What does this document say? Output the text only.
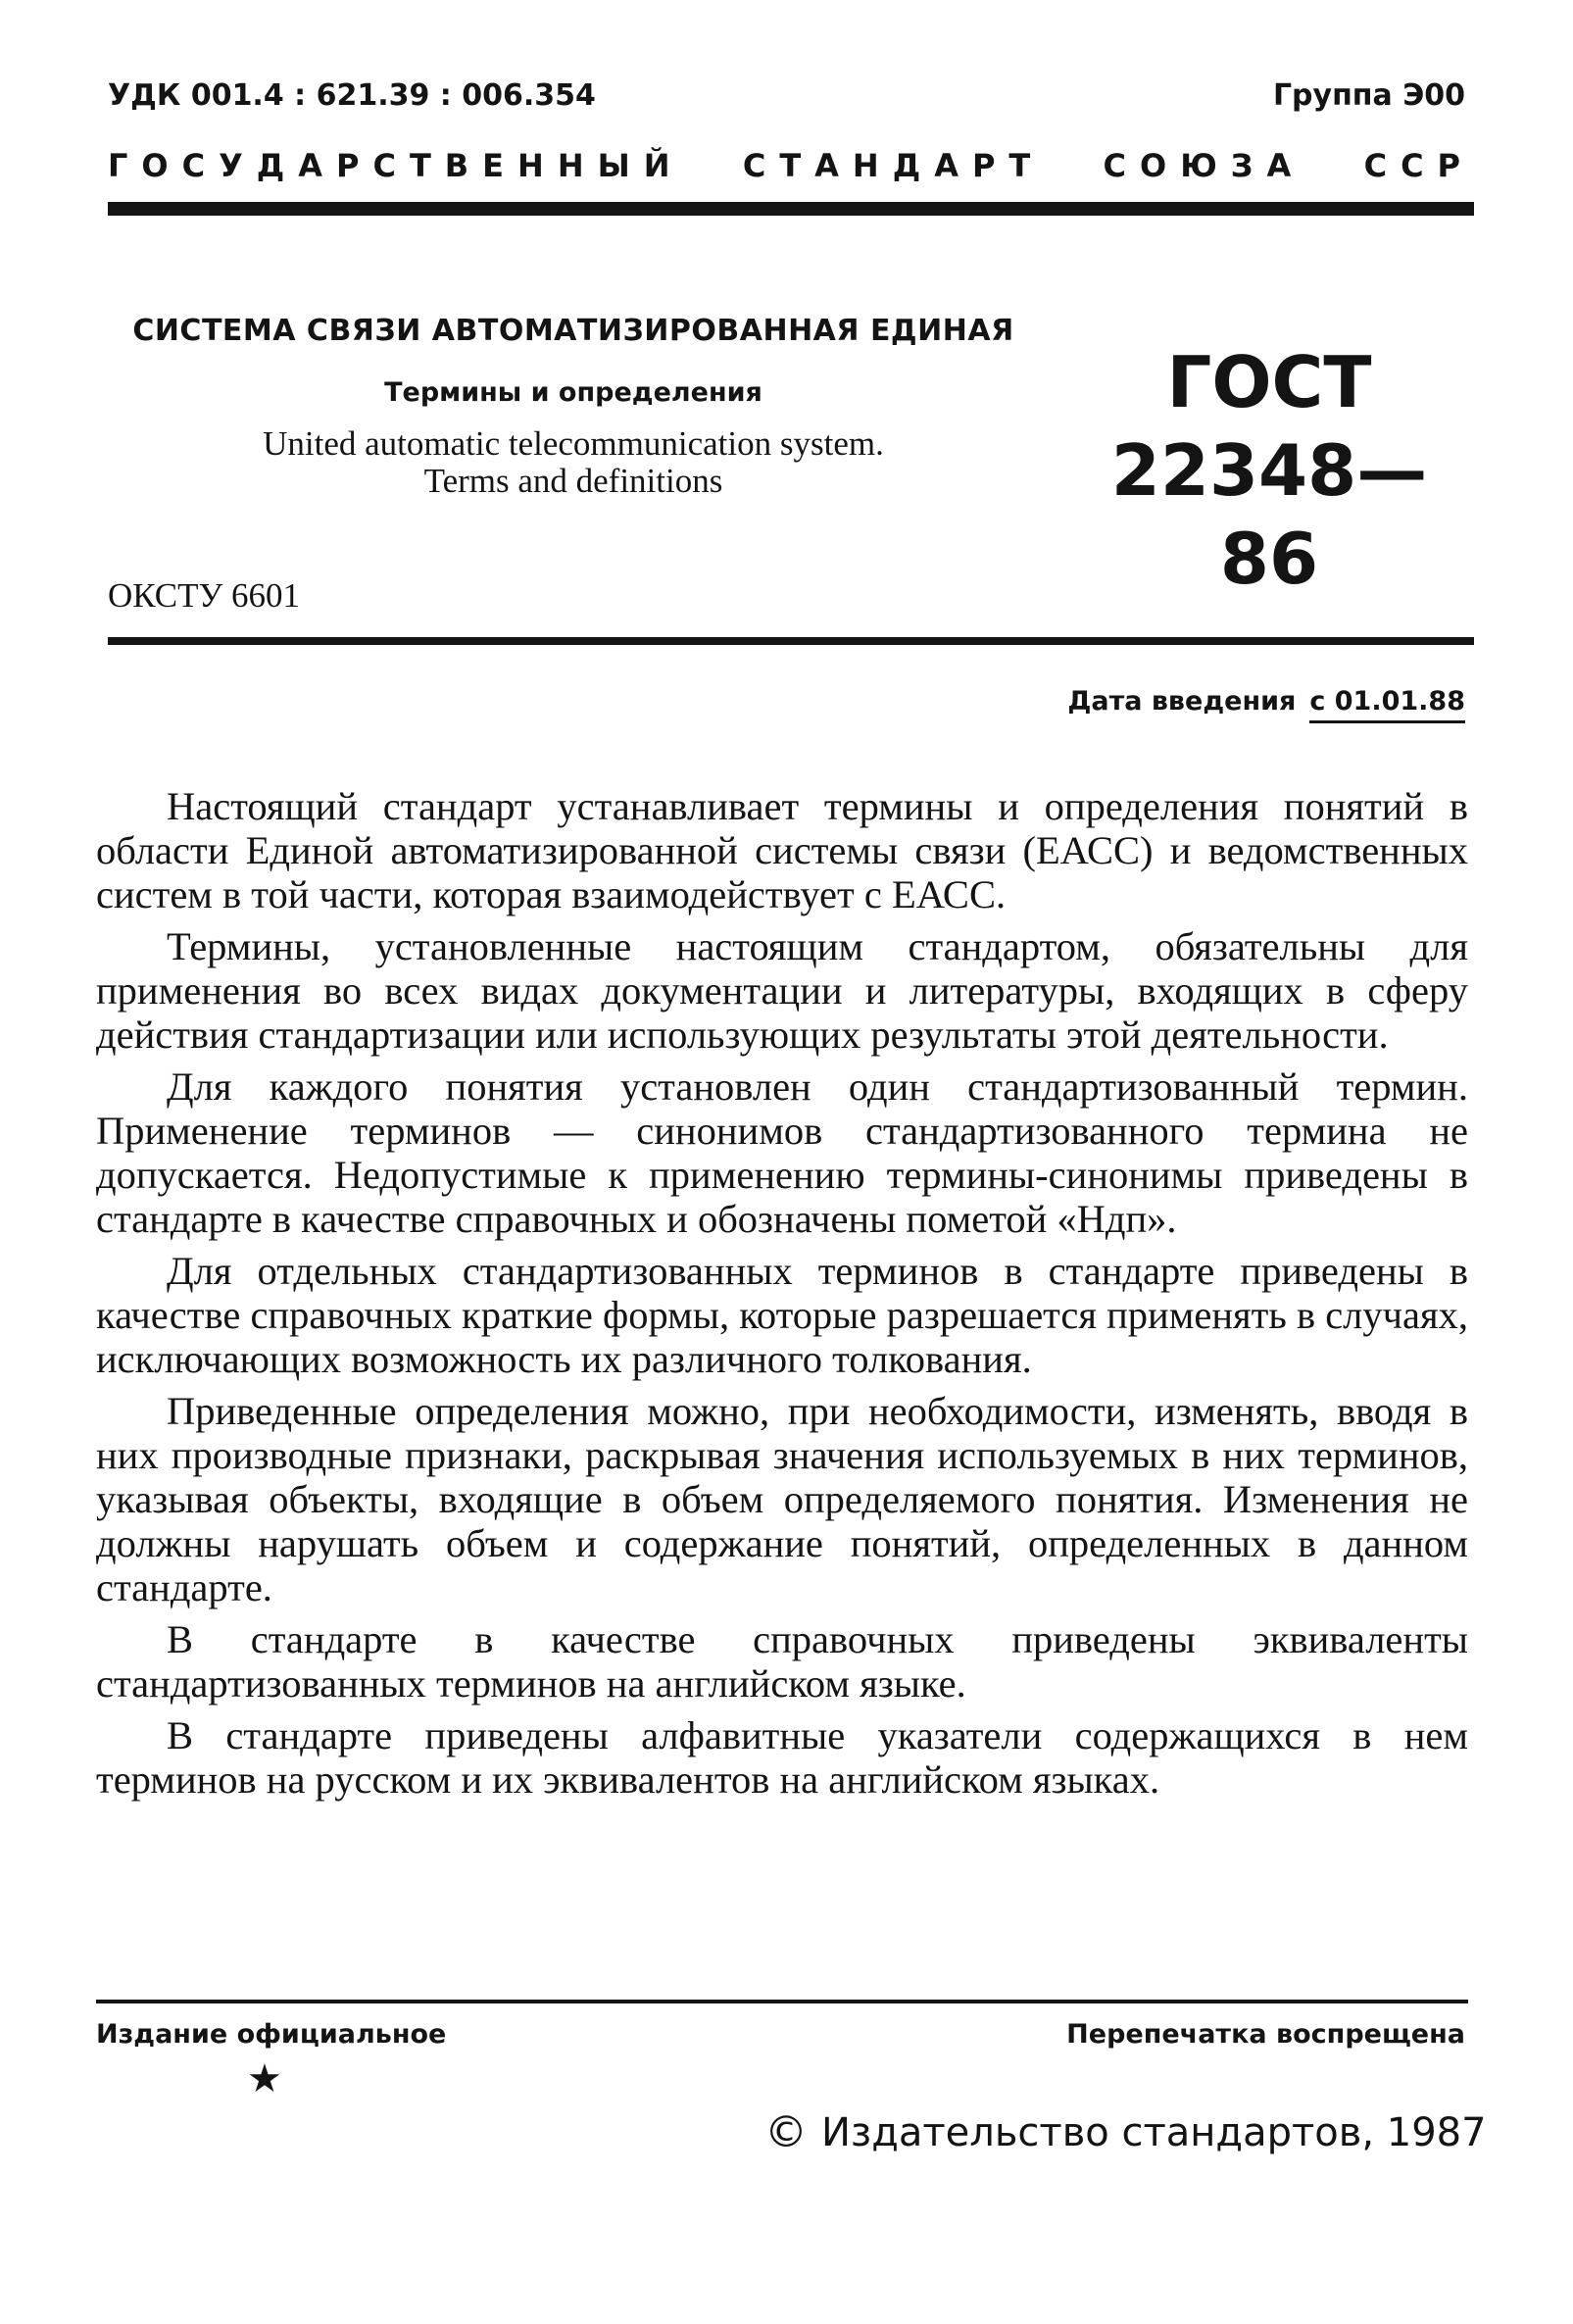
УДК 001.4 : 621.39 : 006.354	Группа Э00
ГОСУДАРСТВЕННЫЙ СТАНДАРТ СОЮЗА ССР
СИСТЕМА СВЯЗИ АВТОМАТИЗИРОВАННАЯ ЕДИНАЯ
Термины и определения
United automatic telecommunication system.
Terms and definitions
ГОСТ
22348—86
ОКСТУ 6601
Дата введения с 01.01.88

Настоящий стандарт устанавливает термины и определения понятий в области Единой автоматизированной системы связи (ЕАСС) и ведомственных систем в той части, которая взаимодействует с ЕАСС.

Термины, установленные настоящим стандартом, обязательны для применения во всех видах документации и литературы, входящих в сферу действия стандартизации или использующих результаты этой деятельности.

Для каждого понятия установлен один стандартизованный термин. Применение терминов — синонимов стандартизованного термина не допускается. Недопустимые к применению термины-синонимы приведены в стандарте в качестве справочных и обозначены пометой «Ндп».

Для отдельных стандартизованных терминов в стандарте приведены в качестве справочных краткие формы, которые разрешается применять в случаях, исключающих возможность их различного толкования.

Приведенные определения можно, при необходимости, изменять, вводя в них производные признаки, раскрывая значения используемых в них терминов, указывая объекты, входящие в объем определяемого понятия. Изменения не должны нарушать объем и содержание понятий, определенных в данном стандарте.

В стандарте в качестве справочных приведены эквиваленты стандартизованных терминов на английском языке.

В стандарте приведены алфавитные указатели содержащихся в нем терминов на русском и их эквивалентов на английском языках.

Издание официальное	Перепечатка воспрещена
★
© Издательство стандартов, 1987
